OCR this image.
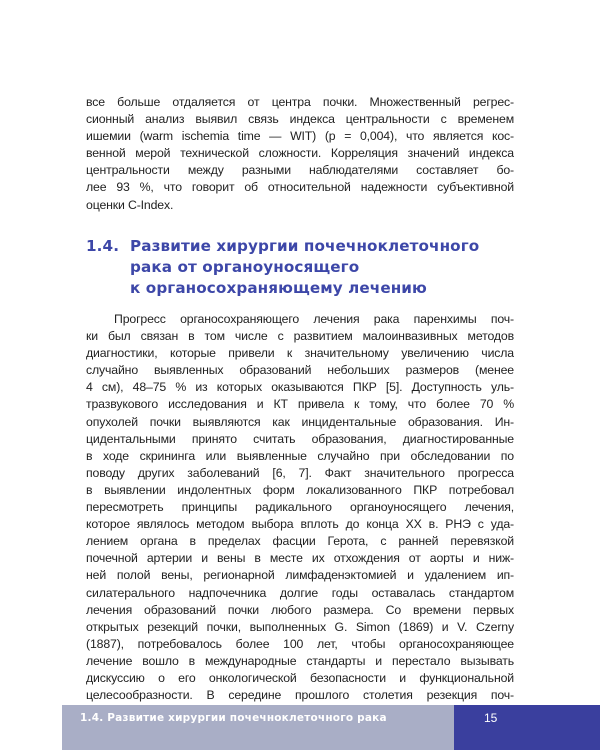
все больше отдаляется от центра почки. Множественный регрес-
сионный анализ выявил связь индекса центральности с временем
ишемии (warm ischemia time — WIT) (p = 0,004), что является кос-
венной мерой технической сложности. Корреляция значений индекса
центральности между разными наблюдателями составляет бо-
лее 93 %, что говорит об относительной надежности субъективной
оценки C-Index.

1.4. Развитие хирургии почечноклеточного
рака от органоуносящего
к органосохраняющему лечению

Прогресс органосохраняющего лечения рака паренхимы поч-
ки был связан в том числе с развитием малоинвазивных методов
диагностики, которые привели к значительному увеличению числа
случайно выявленных образований небольших размеров (менее
4 см), 48–75 % из которых оказываются ПКР [5]. Доступность уль-
тразвукового исследования и КТ привела к тому, что более 70 %
опухолей почки выявляются как инцидентальные образования. Ин-
цидентальными принято считать образования, диагностированные
в ходе скрининга или выявленные случайно при обследовании по
поводу других заболеваний [6, 7]. Факт значительного прогресса
в выявлении индолентных форм локализованного ПКР потребовал
пересмотреть принципы радикального органоуносящего лечения,
которое являлось методом выбора вплоть до конца XX в. РНЭ с уда-
лением органа в пределах фасции Герота, с ранней перевязкой
почечной артерии и вены в месте их отхождения от аорты и ниж-
ней полой вены, регионарной лимфаденэктомией и удалением ип-
силатерального надпочечника долгие годы оставалась стандартом
лечения образований почки любого размера. Со времени первых
открытых резекций почки, выполненных G. Simon (1869) и V. Czerny
(1887), потребовалось более 100 лет, чтобы органосохраняющее
лечение вошло в международные стандарты и перестало вызывать
дискуссию о его онкологической безопасности и функциональной
целесообразности. В середине прошлого столетия резекция поч-

1.4. Развитие хирургии почечноклеточного рака	15
